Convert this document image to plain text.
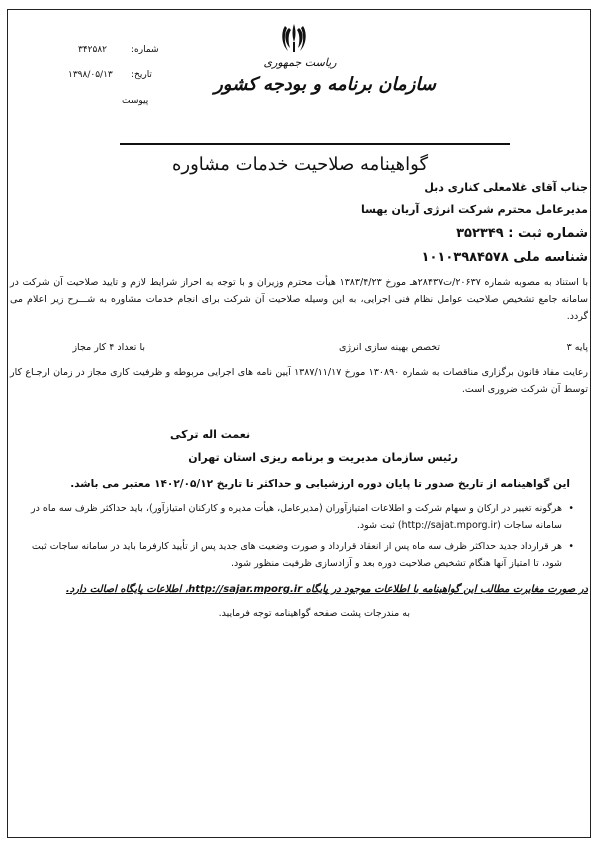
شماره:
۳۴۲۵۸۲
تاریخ:
۱۳۹۸/۰۵/۱۳
پیوست
ریاست جمهوری
سازمان برنامه و بودجه کشور
گواهینامه صلاحیت خدمات مشاوره
جناب آقای غلامعلی کناری دبل
مدیرعامل محترم شرکت انرژی آریان یهسا
شماره ثبت : ۳۵۲۳۴۹
شناسه ملی ۱۰۱۰۳۹۸۴۵۷۸
با استناد به مصوبه شماره ۲۰۶۳۷/ت۲۸۴۳۷هـ مورخ ۱۳۸۳/۴/۲۳ هیأت محترم وزیران و با توجه به احراز شرایط لازم و تایید صلاحیت آن شرکت در سامانه جامع تشخیص صلاحیت عوامل نظام فنی اجرایی، به این وسیله صلاحیت آن شرکت برای انجام خدمات مشاوره به شـــرح زیر اعلام می گردد.
پایه ۳
تخصص بهینه سازی انرژی
با تعداد ۴ کار مجاز
رعایت مفاد قانون برگزاری مناقصات به شماره ۱۳۰۸۹۰ مورخ ۱۳۸۷/۱۱/۱۷ آیین نامه های اجرایی مربوطه و ظرفیت کاری مجاز در زمان ارجـاع کار توسط آن شرکت ضروری است.
نعمت اله ترکی
رئیس سازمان مدیریت و برنامه ریزی استان تهران
این گواهینامه از تاریخ صدور تا پایان دوره ارزشیابی و حداکثر تا تاریخ ۱۴۰۲/۰۵/۱۲ معتبر می باشد.
• هرگونه تغییر در ارکان و سهام شرکت و اطلاعات امتیازآوران (مدیرعامل، هیأت مدیره و کارکنان امتیازآور)، باید حداکثر ظرف سه ماه در سامانه ساجات (http://sajat.mporg.ir) ثبت شود.
• هر قرارداد جدید حداکثر ظرف سه ماه پس از انعقاد قرارداد و صورت وضعیت های جدید پس از تأیید کارفرما باید در سامانه ساجات ثبت شود، تا امتیاز آنها هنگام تشخیص صلاحیت دوره بعد و آزادسازی ظرفیت منظور شود.
در صورت مغایرت مطالب این گواهینامه با اطلاعات موجود در پایگاه http://sajar.mporg.ir، اطلاعات پایگاه اصالت دارد.
به مندرجات پشت صفحه گواهینامه توجه فرمایید.
